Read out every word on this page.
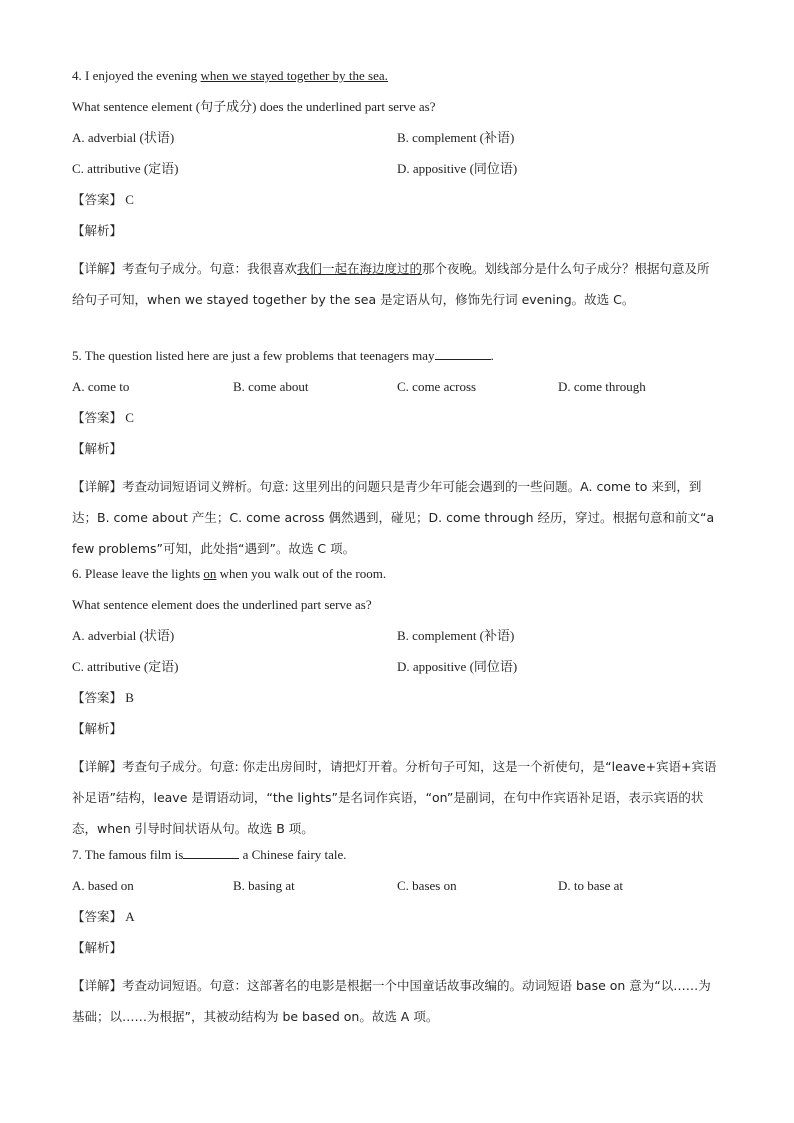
4. I enjoyed the evening when we stayed together by the sea.
What sentence element (句子成分) does the underlined part serve as?
A. adverbial (状语)	B. complement (补语)
C. attributive (定语)	D. appositive (同位语)
【答案】 C
【解析】
【详解】考查句子成分。句意：我很喜欢我们一起在海边度过的那个夜晚。划线部分是什么句子成分？根据句意及所给句子可知，when we stayed together by the sea 是定语从句，修饰先行词 evening。故选 C。
5. The question listed here are just a few problems that teenagers may	.
A. come to	B. come about	C. come across	D. come through
【答案】 C
【解析】
【详解】考查动词短语词义辨析。句意: 这里列出的问题只是青少年可能会遇到的一些问题。A. come to 来到，到达；B. come about 产生；C. come across 偶然遇到，碰见；D. come through 经历，穿过。根据句意和前文“a few problems”可知，此处指“遇到”。故选 C 项。
6. Please leave the lights on when you walk out of the room.
What sentence element does the underlined part serve as?
A. adverbial (状语)	B. complement (补语)
C. attributive (定语)	D. appositive (同位语)
【答案】 B
【解析】
【详解】考查句子成分。句意: 你走出房间时，请把灯开着。分析句子可知，这是一个祈使句，是“leave+宾语+宾语补足语”结构，leave 是谓语动词，“the lights”是名词作宾语，“on”是副词，在句中作宾语补足语，表示宾语的状态，when 引导时间状语从句。故选 B 项。
7. The famous film is	a Chinese fairy tale.
A. based on	B. basing at	C. bases on	D. to base at
【答案】 A
【解析】
【详解】考查动词短语。句意：这部著名的电影是根据一个中国童话故事改编的。动词短语 base on 意为“以……为基础；以……为根据”，其被动结构为 be based on。故选 A 项。
